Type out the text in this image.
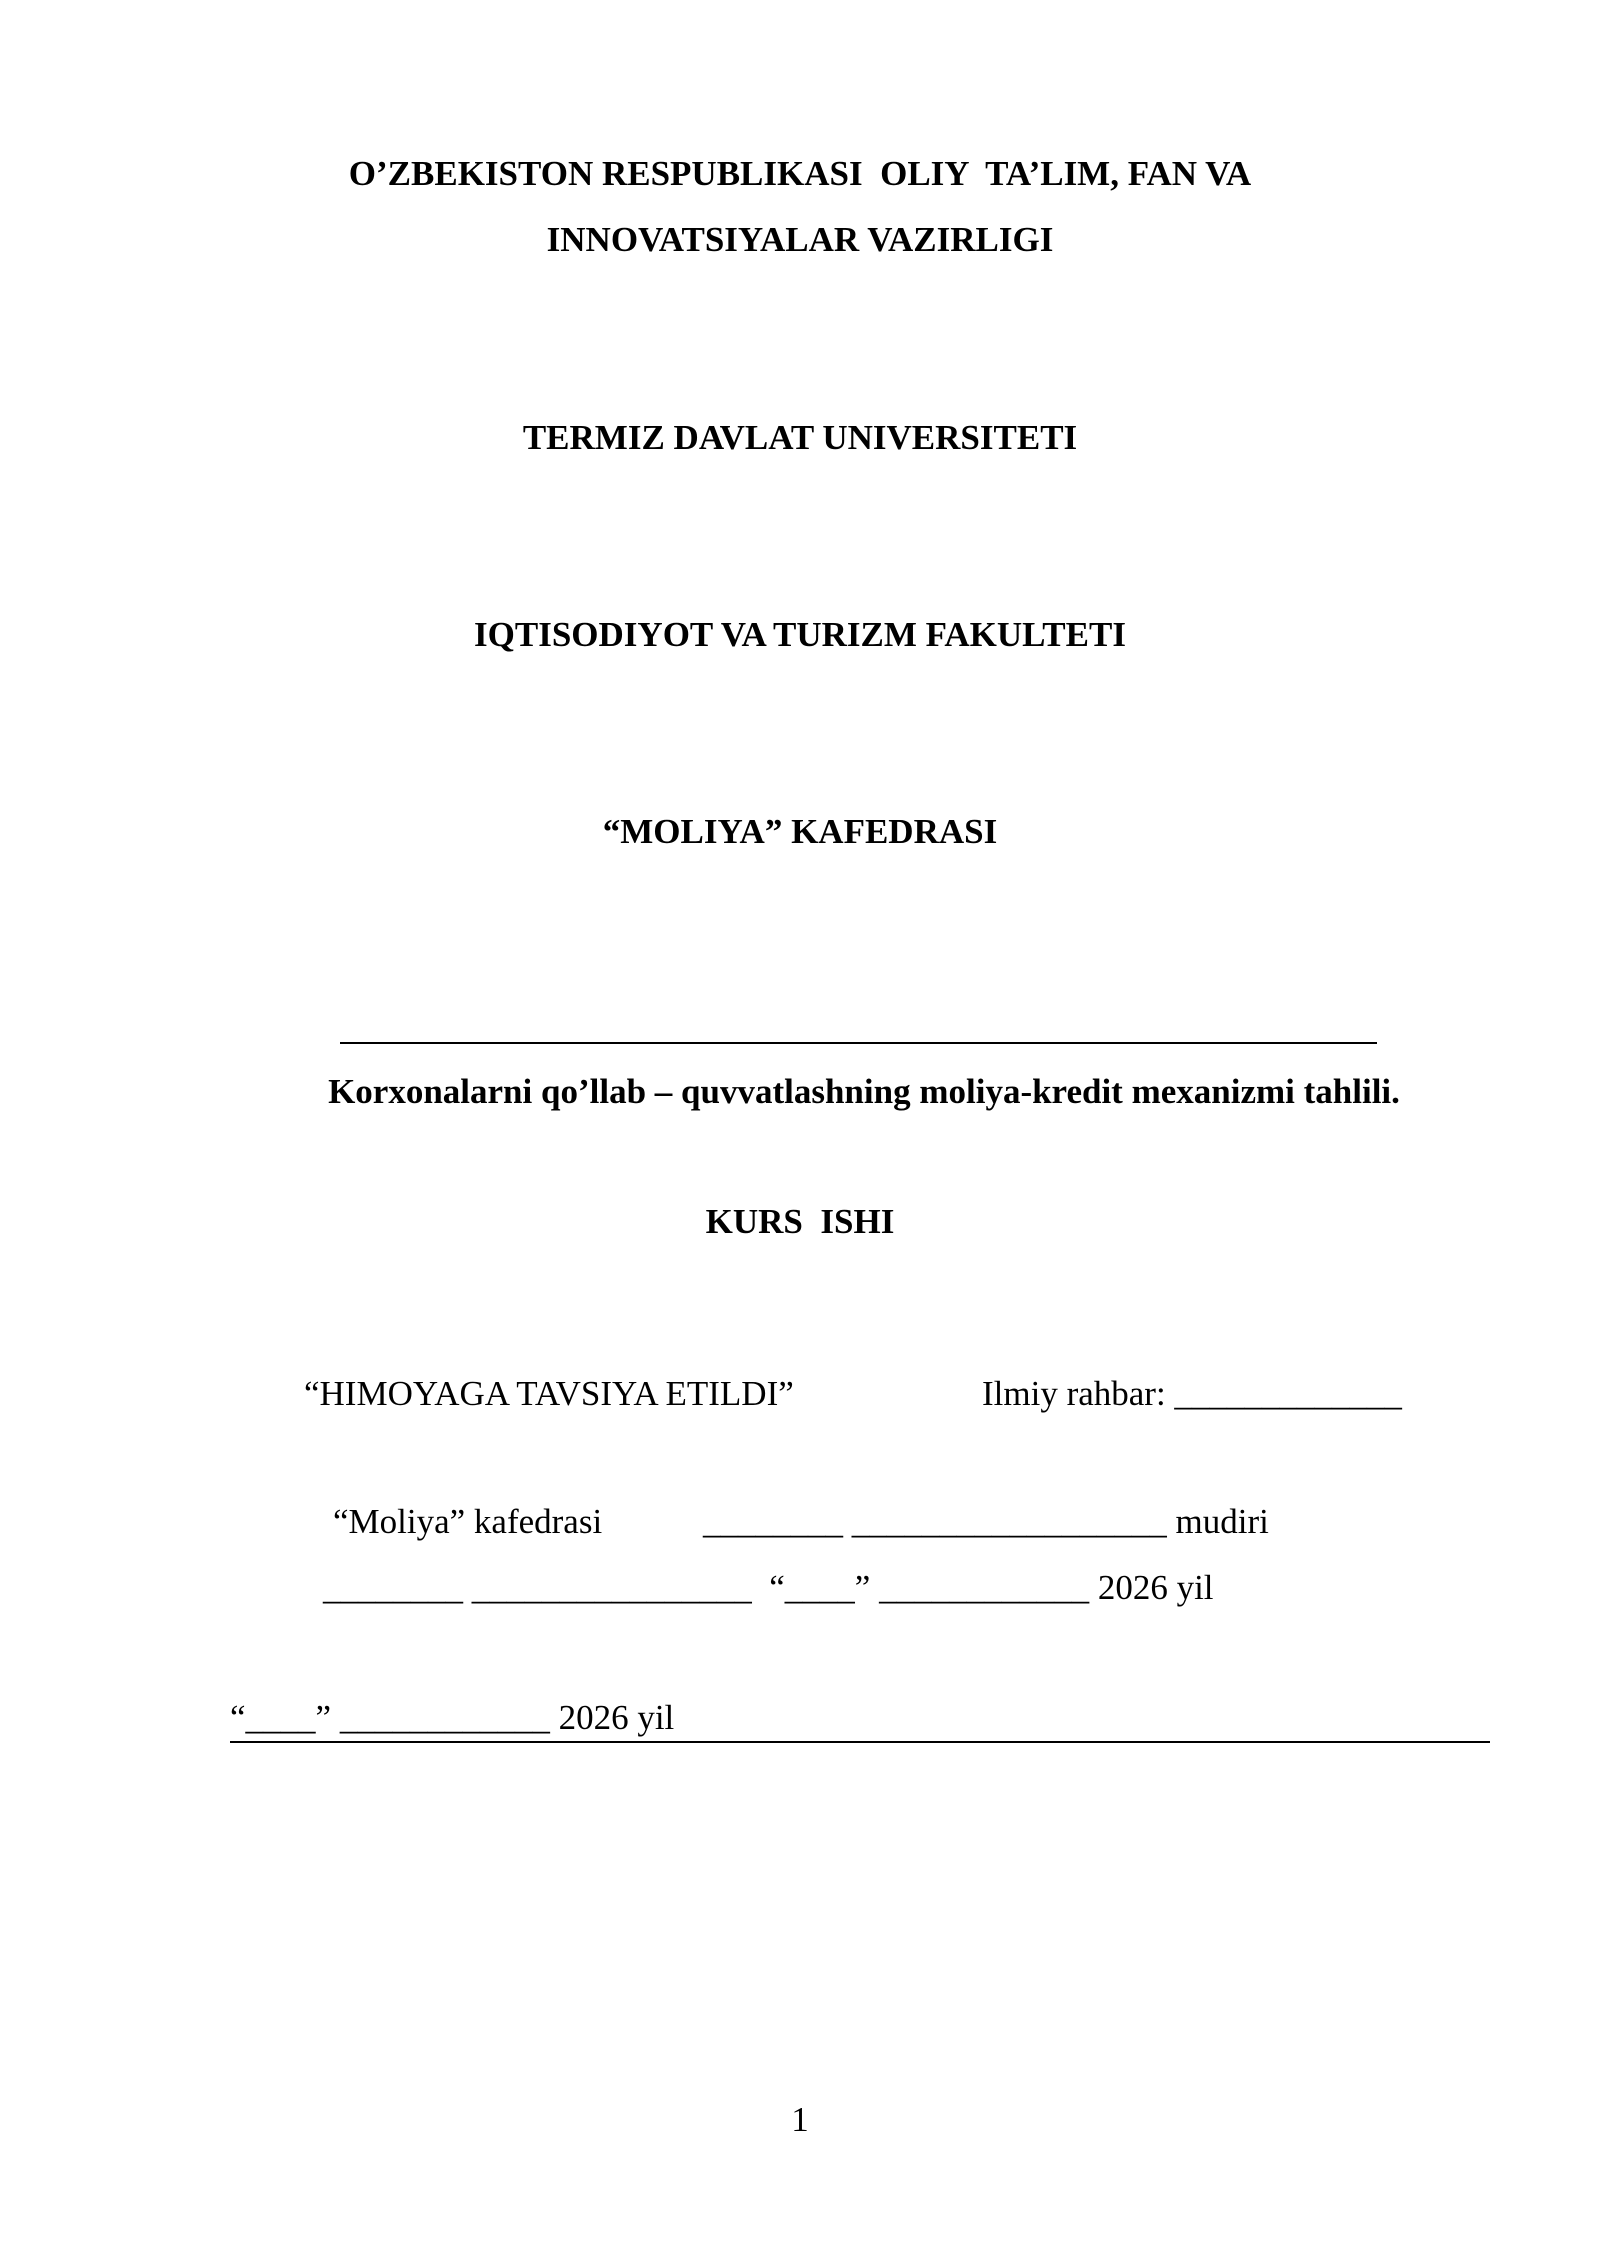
O’ZBEKISTON RESPUBLIKASI  OLIY  TA’LIM, FAN VA
INNOVATSIYALAR VAZIRLIGI
TERMIZ DAVLAT UNIVERSITETI
IQTISODIYOT VA TURIZM FAKULTETI
“MOLIYA” KAFEDRASI
Korxonalarni qo’llab – quvvatlashning moliya-kredit mexanizmi tahlili.
KURS  ISHI
“HIMOYAGA TAVSIYA ETILDI”	Ilmiy rahbar: _____________
“Moliya” kafedrasi	________ __________________ mudiri
________ ________________  “____” ____________ 2026 yil
“____” ____________ 2026 yil
1
